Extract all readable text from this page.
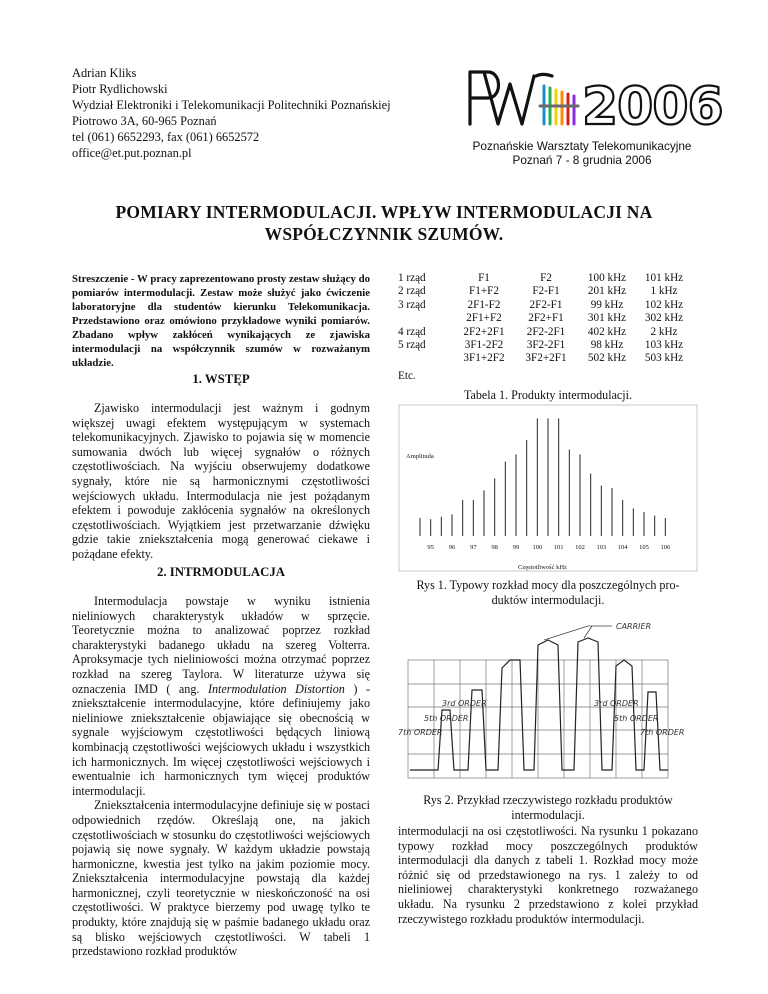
Adrian Kliks
Piotr Rydlichowski
Wydział Elektroniki i Telekomunikacji Politechniki Poznańskiej
Piotrowo 3A, 60-965 Poznań
tel (061) 6652293, fax (061) 6652572
office@et.put.poznan.pl
2006
Poznańskie Warsztaty Telekomunikacyjne
Poznań 7 - 8 grudnia 2006
POMIARY INTERMODULACJI. WPŁYW INTERMODULACJI NA
WSPÓŁCZYNNIK SZUMÓW.
Streszczenie - W pracy zaprezentowano prosty zestaw służący do pomiarów intermodulacji. Zestaw może służyć jako ćwiczenie laboratoryjne dla studentów kierunku Telekomunikacja. Przedstawiono oraz omówiono przykładowe wyniki pomiarów. Zbadano wpływ zakłóceń wynikających ze zjawiska intermodulacji na współczynnik szumów w rozważanym układzie.
1. WSTĘP

Zjawisko intermodulacji jest ważnym i godnym większej uwagi efektem występującym w systemach telekomunikacyjnych. Zjawisko to pojawia się w momencie sumowania dwóch lub więcej sygnałów o różnych częstotliwościach. Na wyjściu obserwujemy dodatkowe sygnały, które nie są harmonicznymi częstotliwości wejściowych układu. Intermodulacja nie jest pożądanym efektem i powoduje zakłócenia sygnałów na określonych częstotliwościach. Wyjątkiem jest przetwarzanie dźwięku gdzie takie zniekształcenia mogą generować ciekawe i pożądane efekty.

2. INTRMODULACJA

Intermodulacja powstaje w wyniku istnienia nieliniowych charakterystyk układów w sprzęcie. Teoretycznie można to analizować poprzez rozkład charakterystyki badanego układu na szereg Volterra. Aproksymacje tych nieliniowości można otrzymać poprzez rozkład na szereg Taylora. W literaturze używa się oznaczenia IMD ( ang. Intermodulation Distortion ) - zniekształcenie intermodulacyjne, które definiujemy jako nieliniowe zniekształcenie objawiające się obecnością w sygnale wyjściowym częstotliwości będących liniową kombinacją częstotliwości wejściowych układu i wszystkich ich harmonicznych. Im więcej częstotliwości wejściowych i ewentualnie ich harmonicznych tym więcej produktów intermodulacji.

Zniekształcenia intermodulacyjne definiuje się w postaci odpowiednich rzędów. Określają one, na jakich częstotliwościach w stosunku do częstotliwości wejściowych pojawią się nowe sygnały. W każdym układzie powstają harmoniczne, kwestia jest tylko na jakim poziomie mocy. Zniekształcenia intermodulacyjne powstają dla każdej harmonicznej, czyli teoretycznie w nieskończoność na osi częstotliwości. W praktyce bierzemy pod uwagę tylko te produkty, które znajdują się w paśmie badanego układu oraz są blisko wejściowych częstotliwości. W tabeli 1 przedstawiono rozkład produktów

1 rząd	F1	F2	100 kHz	101 kHz
2 rząd	F1+F2	F2-F1	201 kHz	1 kHz
3 rząd	2F1-F2	2F2-F1	99 kHz	102 kHz
	2F1+F2	2F2+F1	301 kHz	302 kHz
4 rząd	2F2+2F1	2F2-2F1	402 kHz	2 kHz
5 rząd	3F1-2F2	3F2-2F1	98 kHz	103 kHz
	3F1+2F2	3F2+2F1	502 kHz	503 kHz
Etc.
Tabela 1. Produkty intermodulacji.
Amplituda
Częstotliwość kHz
95 96 97 98 99 100 101 102 103 104 105 106
Rys 1. Typowy rozkład mocy dla poszczególnych pro-
duktów intermodulacji.
CARRIER
3rd ORDER	3rd ORDER
5th ORDER	5th ORDER
7th ORDER	7th ORDER
Rys 2. Przykład rzeczywistego rozkładu produktów
intermodulacji.

intermodulacji na osi częstotliwości. Na rysunku 1 pokazano typowy rozkład mocy poszczególnych produktów intermodulacji dla danych z tabeli 1. Rozkład mocy może różnić się od przedstawionego na rys. 1 zależy to od nieliniowej charakterystyki konkretnego rozważanego układu. Na rysunku 2 przedstawiono z kolei przykład rzeczywistego rozkładu produktów intermodulacji.
